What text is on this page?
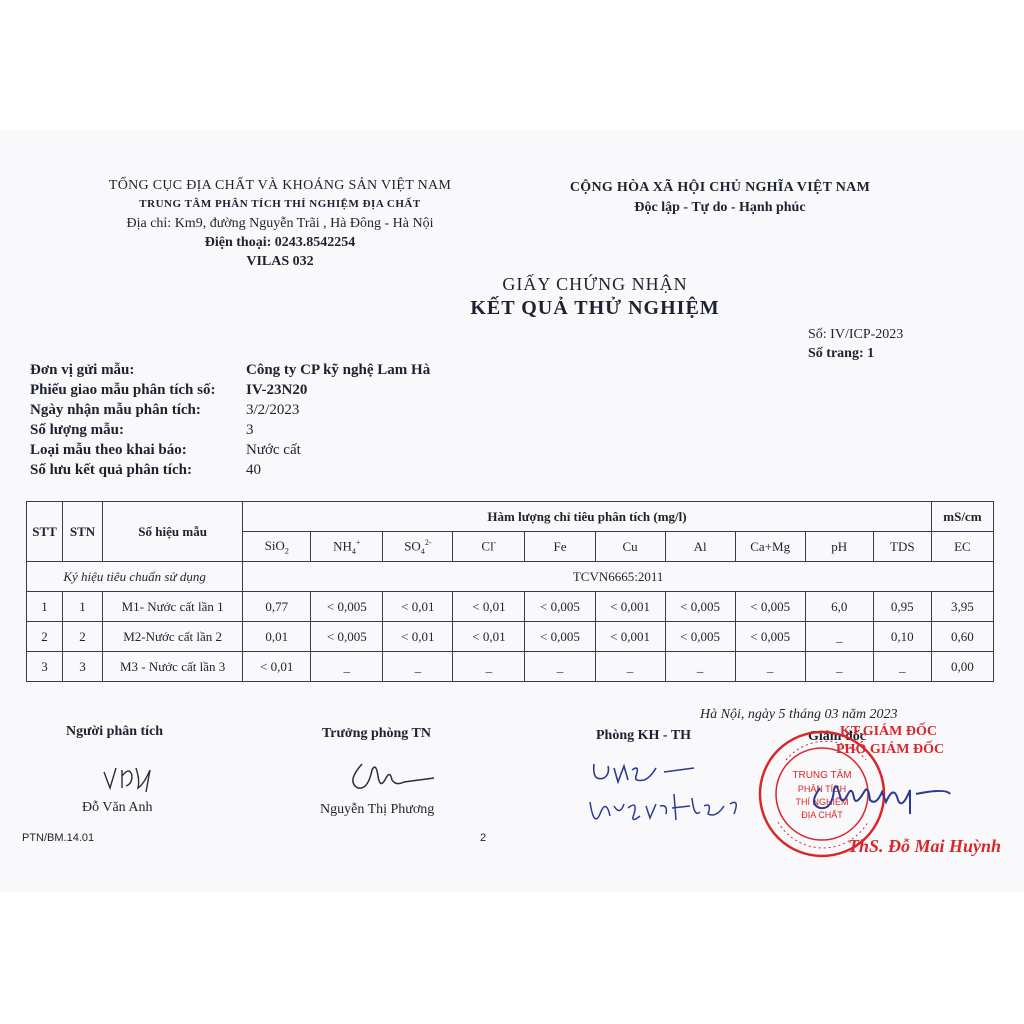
TỔNG CỤC ĐỊA CHẤT VÀ KHOÁNG SẢN VIỆT NAM
TRUNG TÂM PHÂN TÍCH THÍ NGHIỆM ĐỊA CHẤT
Địa chỉ: Km9, đường Nguyễn Trãi , Hà Đông - Hà Nội
Điện thoại: 0243.8542254
VILAS 032
CỘNG HÒA XÃ HỘI CHỦ NGHĨA VIỆT NAM
Độc lập - Tự do - Hạnh phúc
GIẤY CHỨNG NHẬN
KẾT QUẢ THỬ NGHIỆM
Số: IV/ICP-2023
Số trang: 1
Đơn vị gửi mẫu:	Công ty CP kỹ nghệ Lam Hà
Phiếu giao mẫu phân tích số: IV-23N20
Ngày nhận mẫu phân tích:	3/2/2023
Số lượng mẫu:	3
Loại mẫu theo khai báo:	Nước cất
Số lưu kết quả phân tích:	40
STT	STN	Số hiệu mẫu	Hàm lượng chỉ tiêu phân tích (mg/l)										mS/cm
			SiO$_2$	$NH_4^+$	$SO_4^{2-}$	Cl-	Fe	Cu	Al	Ca+Mg	pH	TDS	EC
Ký hiệu tiêu chuẩn sử dụng			TCVN6665:2011										
1	1	M1- Nước cất lần 1	0,77	< 0,005	< 0,01	< 0,01	< 0,005	< 0,001	< 0,005	< 0,005	6,0	0,95	3,95
2	2	M2-Nước cất lần 2	0,01	< 0,005	< 0,01	< 0,01	< 0,005	< 0,001	< 0,005	< 0,005	_	0,10	0,60
3	3	M3 - Nước cất lần 3	< 0,01	_	_	_	_	_	_	_	_	_	0,00
Hà Nội, ngày 5 tháng 03 năm 2023
Người phân tích	Trưởng phòng TN	Phòng KH - TH	Giám đốc
TRUNG TÂM
PHÂN TÍCH
THÍ NGHIỆM
ĐỊA CHẤT
KT.GIÁM ĐỐC
PHÓ GIÁM ĐỐC
ThS. Đỗ Mai Huỳnh
Đỗ Văn Anh	Nguyễn Thị Phương
PTN/BM.14.01	2
